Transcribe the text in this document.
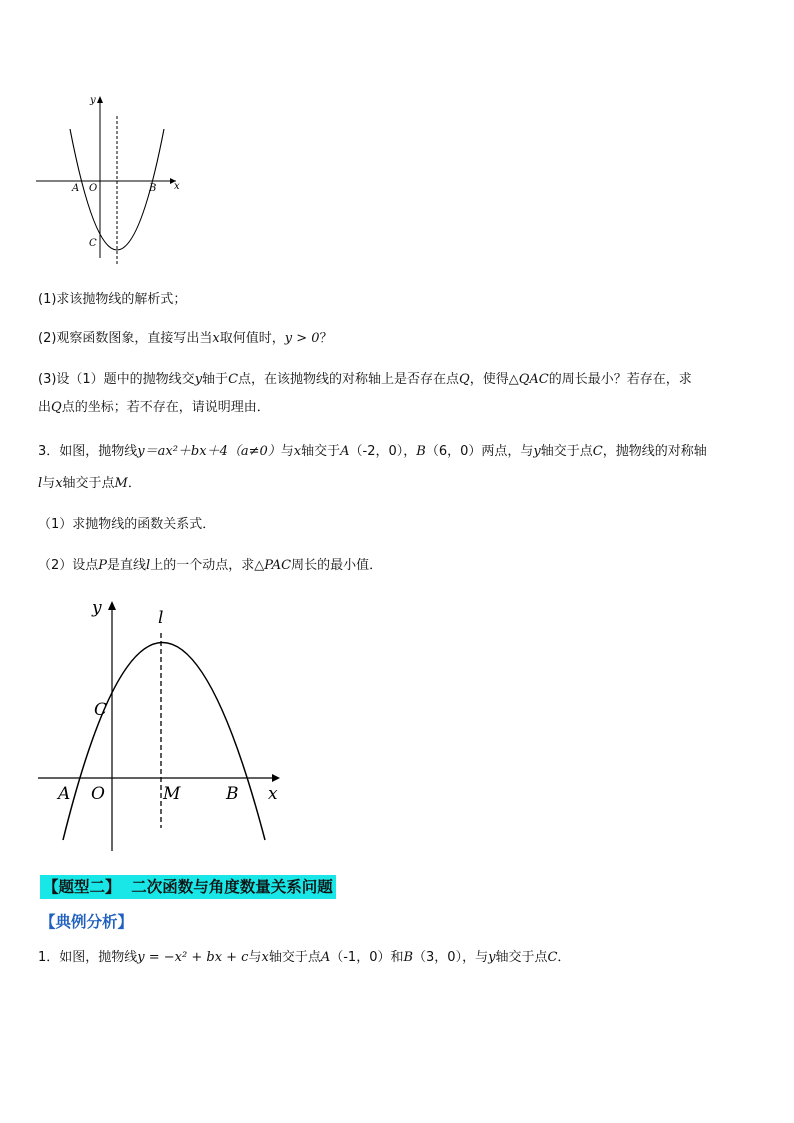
y
x
A O	B
C
(1)求该抛物线的解析式；
(2)观察函数图象，直接写出当x取何值时，y > 0？
(3)设（1）题中的抛物线交y轴于C点，在该抛物线的对称轴上是否存在点Q，使得△QAC的周长最小？若存在，求
出Q点的坐标；若不存在，请说明理由．
3．如图，抛物线y＝ax²＋bx＋4（a≠0）与x轴交于A（-2，0），B（6，0）两点，与y轴交于点C，抛物线的对称轴
l与x轴交于点M．
（1）求抛物线的函数关系式．
（2）设点P是直线l上的一个动点，求△PAC周长的最小值．
y	l
C
A O	M	B x
【题型二】  二次函数与角度数量关系问题
【典例分析】
1．如图，抛物线y = −x² + bx + c与x轴交于点A（-1，0）和B（3，0），与y轴交于点C．
